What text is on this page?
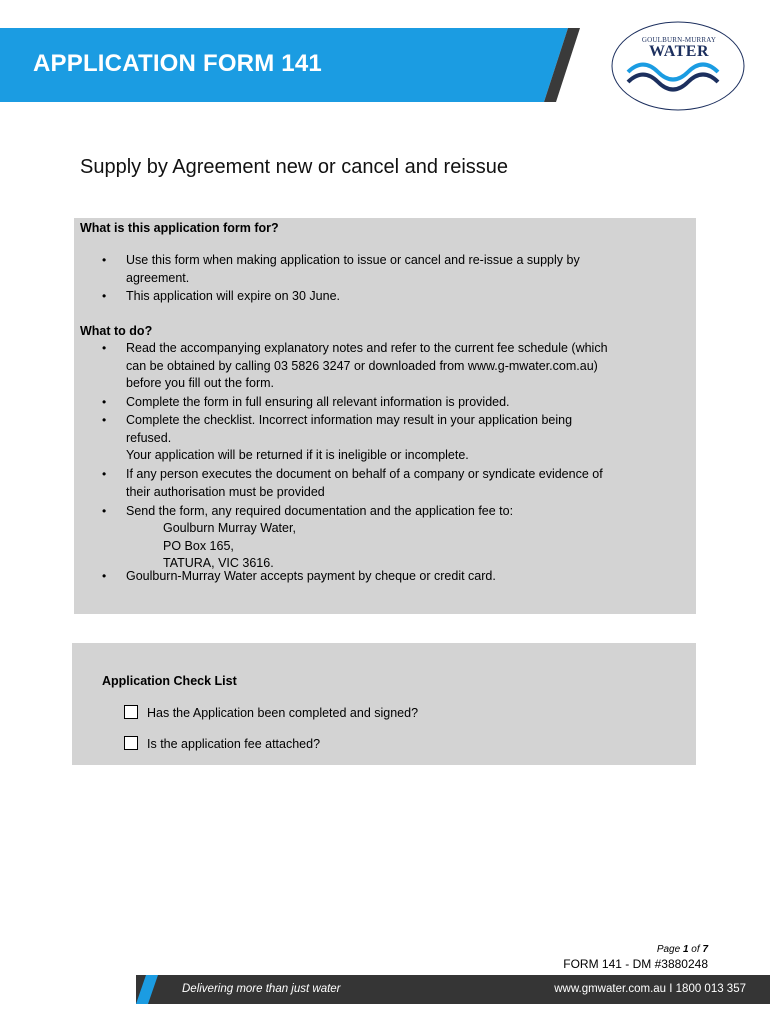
APPLICATION FORM 141
GOULBURN-MURRAY
WATER
Supply by Agreement new or cancel and reissue
What is this application form for?
• Use this form when making application to issue or cancel and re-issue a supply by
agreement.
• This application will expire on 30 June.
What to do?
• Read the accompanying explanatory notes and refer to the current fee schedule (which
can be obtained by calling 03 5826 3247 or downloaded from www.g-mwater.com.au)
before you fill out the form.
• Complete the form in full ensuring all relevant information is provided.
• Complete the checklist. Incorrect information may result in your application being
refused.
Your application will be returned if it is ineligible or incomplete.
• If any person executes the document on behalf of a company or syndicate evidence of
their authorisation must be provided
• Send the form, any required documentation and the application fee to:
Goulburn Murray Water,
PO Box 165,
TATURA, VIC 3616.
• Goulburn-Murray Water accepts payment by cheque or credit card.
Application Check List
Has the Application been completed and signed?
Is the application fee attached?
Page 1 of 7
FORM 141 - DM #3880248
Delivering more than just water	www.gmwater.com.au I 1800 013 357
